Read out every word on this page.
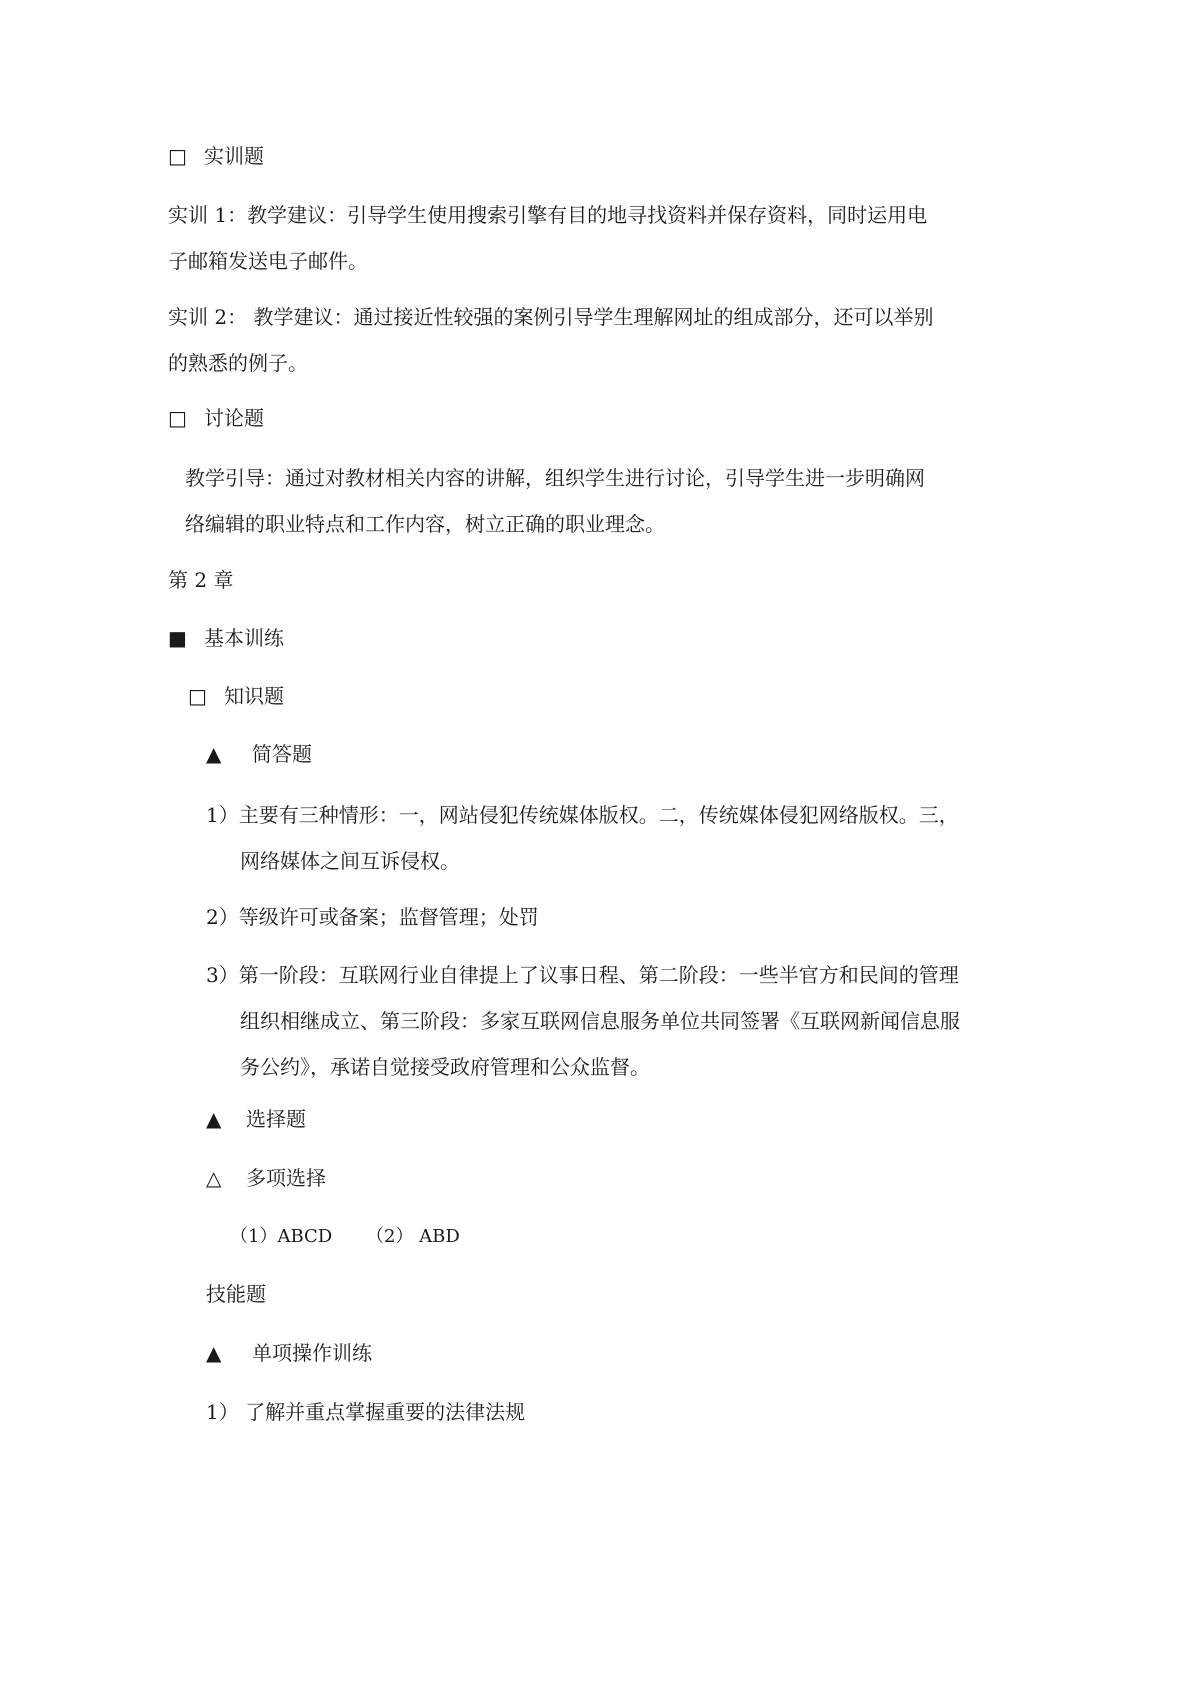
□ 实训题
实训 1：教学建议：引导学生使用搜索引擎有目的地寻找资料并保存资料，同时运用电子邮箱发送电子邮件。
实训 2： 教学建议：通过接近性较强的案例引导学生理解网址的组成部分，还可以举别的熟悉的例子。
□ 讨论题
教学引导：通过对教材相关内容的讲解，组织学生进行讨论，引导学生进一步明确网络编辑的职业特点和工作内容，树立正确的职业理念。
第 2 章
■ 基本训练
□ 知识题
▲ 简答题
1）主要有三种情形：一，网站侵犯传统媒体版权。二，传统媒体侵犯网络版权。三，网络媒体之间互诉侵权。
2）等级许可或备案；监督管理；处罚
3）第一阶段：互联网行业自律提上了议事日程、第二阶段：一些半官方和民间的管理组织相继成立、第三阶段：多家互联网信息服务单位共同签署《互联网新闻信息服务公约》，承诺自觉接受政府管理和公众监督。
▲ 选择题
△ 多项选择
（1）ABCD （2） ABD
技能题
▲ 单项操作训练
1） 了解并重点掌握重要的法律法规
